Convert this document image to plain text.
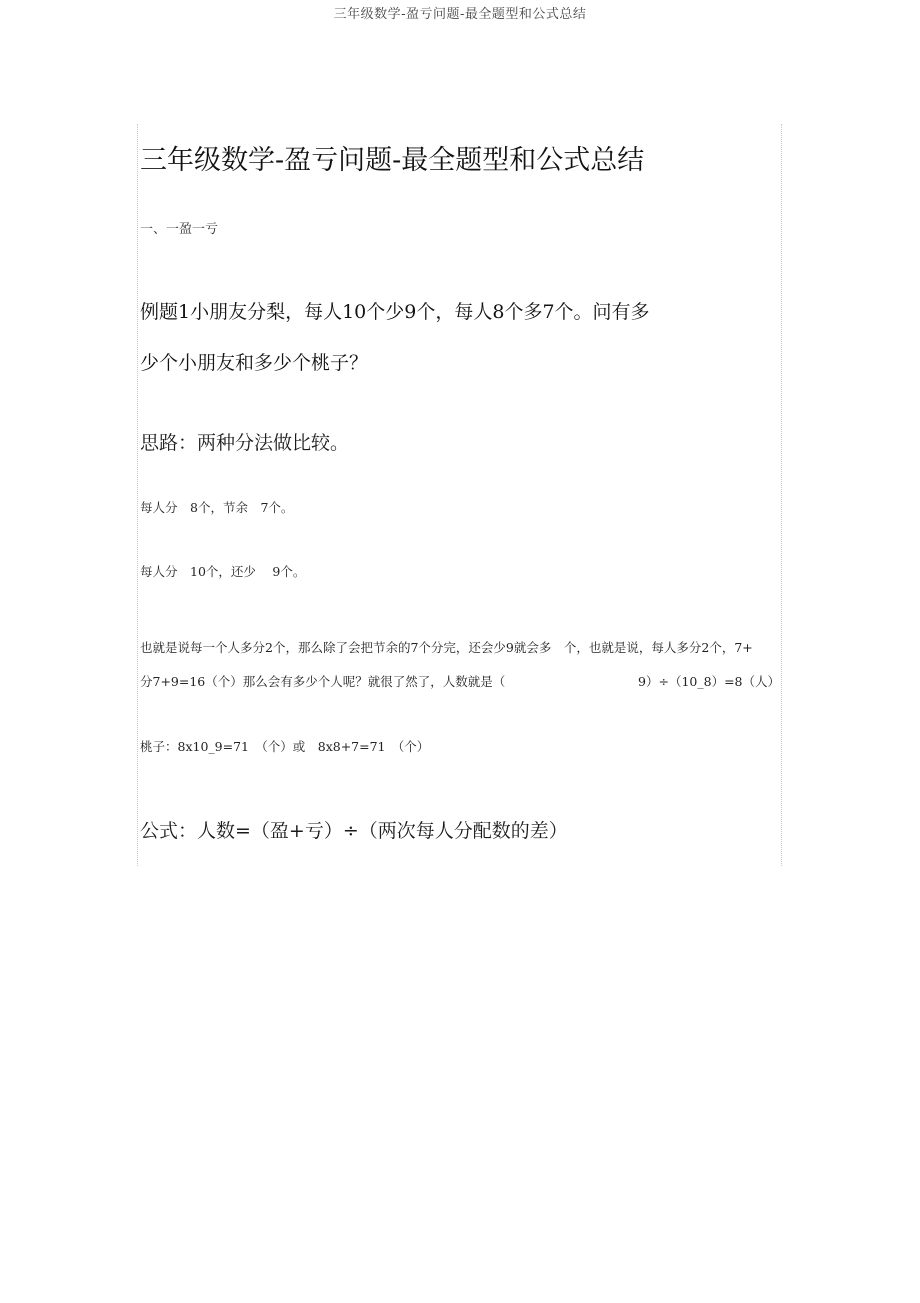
三年级数学-盈亏问题-最全题型和公式总结
三年级数学-盈亏问题-最全题型和公式总结
一、一盈一亏
例题1小朋友分梨，每人10个少9个，每人8个多7个。问有多
少个小朋友和多少个桃子？
思路：两种分法做比较。
每人分　8个，节余　7个。
每人分　10个，还少　 9个。
也就是说每一个人多分2个，那么除了会把节余的7个分完，还会少9就会多　个，也就是说，每人多分2个，7+
分7+9=16（个）那么会有多少个人呢？就很了然了，人数就是（	9）÷（10_8）=8（人）
桃子：8x10_9=71　（个）或　8x8+7=71　（个）
公式：人数=（盈+亏）÷（两次每人分配数的差）
